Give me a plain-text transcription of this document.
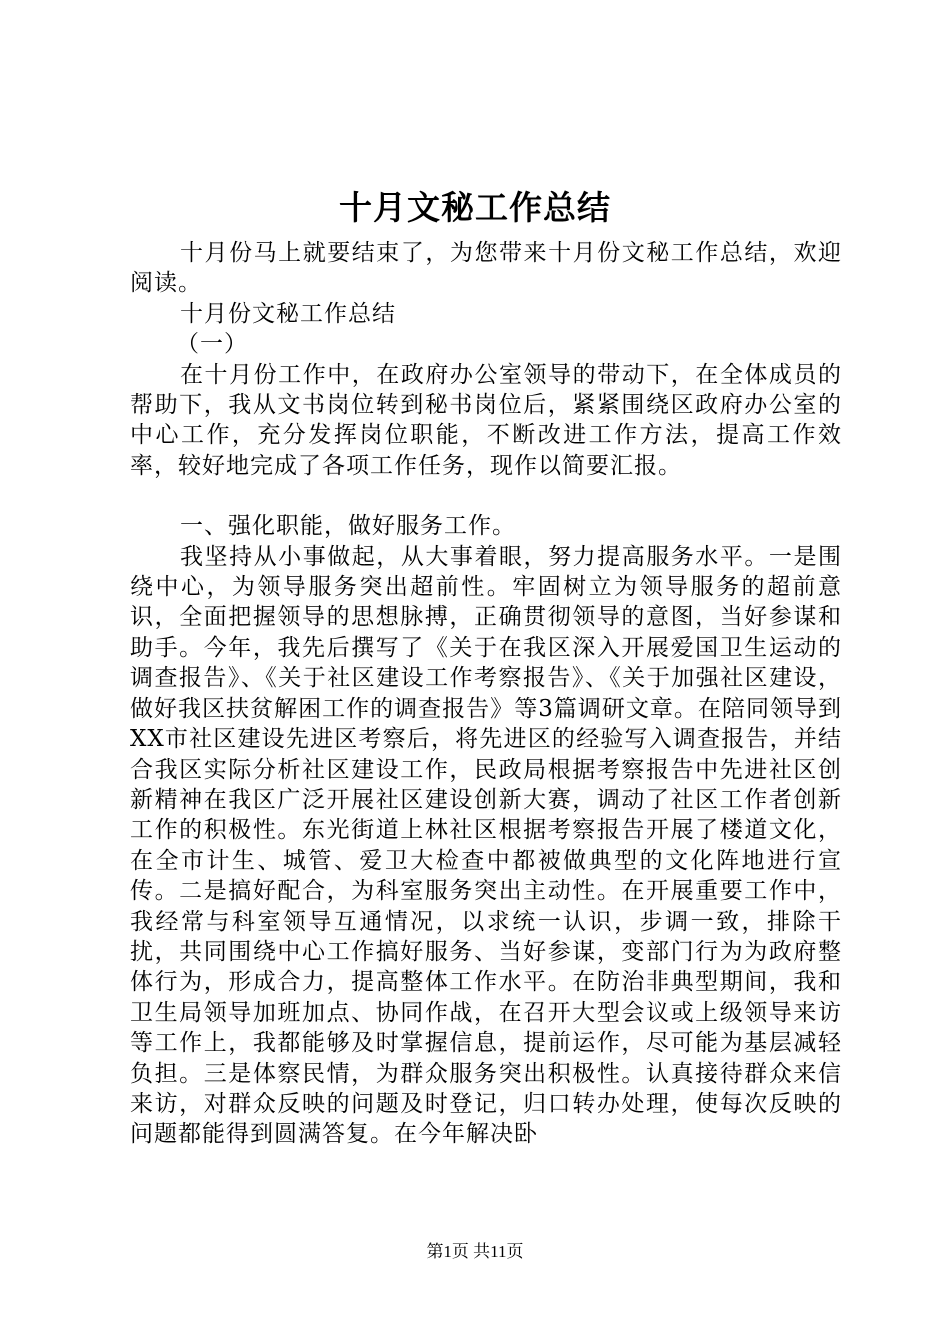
十月文秘工作总结

十月份马上就要结束了，为您带来十月份文秘工作总结，欢迎阅读。

十月份文秘工作总结

（一）

在十月份工作中，在政府办公室领导的带动下，在全体成员的帮助下，我从文书岗位转到秘书岗位后，紧紧围绕区政府办公室的中心工作，充分发挥岗位职能，不断改进工作方法，提高工作效率，较好地完成了各项工作任务，现作以简要汇报。

一、强化职能，做好服务工作。

我坚持从小事做起，从大事着眼，努力提高服务水平。一是围绕中心，为领导服务突出超前性。牢固树立为领导服务的超前意识，全面把握领导的思想脉搏，正确贯彻领导的意图，当好参谋和助手。今年，我先后撰写了《关于在我区深入开展爱国卫生运动的调查报告》、《关于社区建设工作考察报告》、《关于加强社区建设，做好我区扶贫解困工作的调查报告》等3篇调研文章。在陪同领导到XX市社区建设先进区考察后，将先进区的经验写入调查报告，并结合我区实际分析社区建设工作，民政局根据考察报告中先进社区创新精神在我区广泛开展社区建设创新大赛，调动了社区工作者创新工作的积极性。东光街道上林社区根据考察报告开展了楼道文化，在全市计生、城管、爱卫大检查中都被做典型的文化阵地进行宣传。二是搞好配合，为科室服务突出主动性。在开展重要工作中，我经常与科室领导互通情况，以求统一认识，步调一致，排除干扰，共同围绕中心工作搞好服务、当好参谋，变部门行为为政府整体行为，形成合力，提高整体工作水平。在防治非典型期间，我和卫生局领导加班加点、协同作战，在召开大型会议或上级领导来访等工作上，我都能够及时掌握信息，提前运作，尽可能为基层减轻负担。三是体察民情，为群众服务突出积极性。认真接待群众来信来访，对群众反映的问题及时登记，归口转办处理，使每次反映的问题都能得到圆满答复。在今年解决卧

第1页 共11页
